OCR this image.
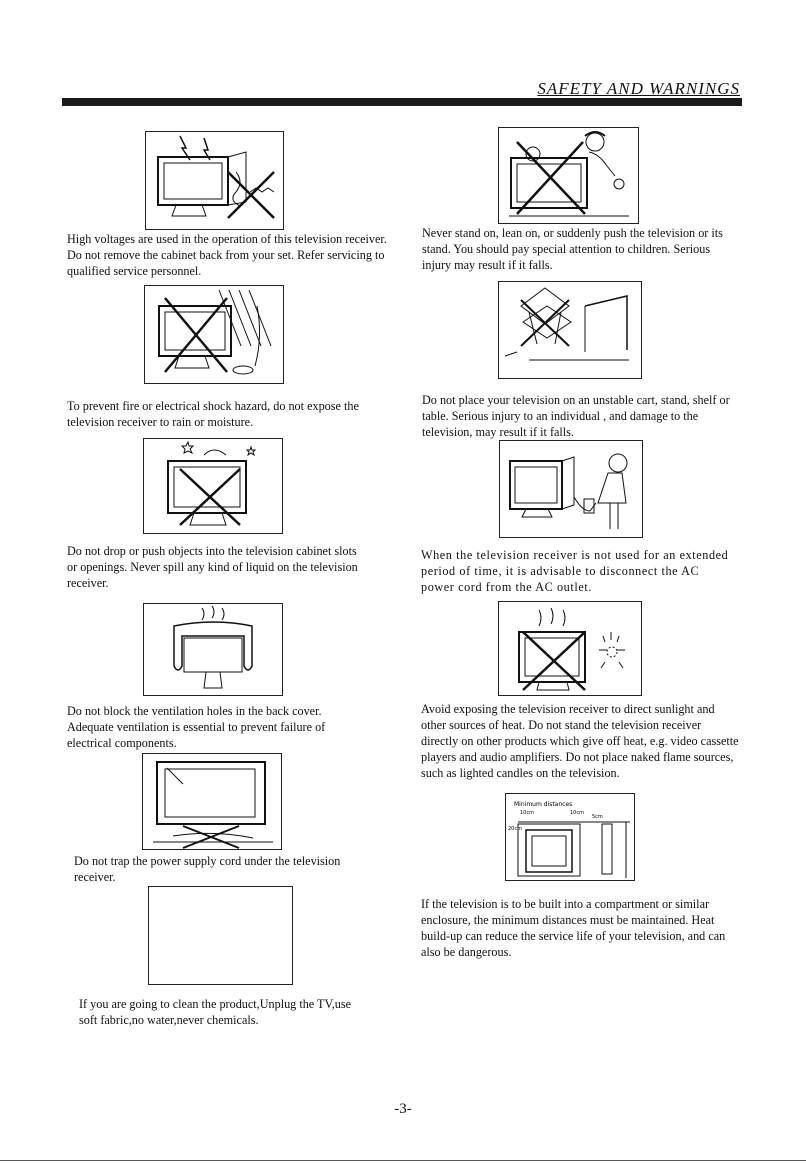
SAFETY AND WARNINGS
High voltages are used in the operation of this television receiver. Do not remove the cabinet back from your set. Refer servicing to qualified service personnel.
To prevent fire or electrical shock hazard, do not expose the television receiver to rain or moisture.
Do not drop or push objects into the television cabinet slots or openings. Never spill any kind of liquid on the television receiver.
Do not block the ventilation holes in the back cover. Adequate ventilation is essential to prevent failure of electrical components.
Do not trap the power supply cord under the television receiver.
If you are going to clean the product,Unplug the TV,use soft fabric,no water,never chemicals.
Never stand on, lean on, or suddenly push the television or its stand. You should pay special attention to children. Serious injury may result if it falls.
Do not place your television on an unstable cart, stand, shelf or table. Serious injury to an individual , and damage to the television, may result if it falls.
When the television receiver is not used for an extended period of time, it is advisable to disconnect the AC power cord from the AC outlet.
Avoid exposing the television receiver to direct sunlight and other sources of heat. Do not stand the television receiver directly on other products which give off heat, e.g. video cassette players and audio amplifiers. Do not place naked flame sources, such as lighted candles on the television.
Minimum distances
10cm	10cm
5cm
20cm
If the television is to be built into a compartment or similar enclosure, the minimum distances must be maintained. Heat build-up can reduce the service life of your television, and can also be dangerous.
-3-
